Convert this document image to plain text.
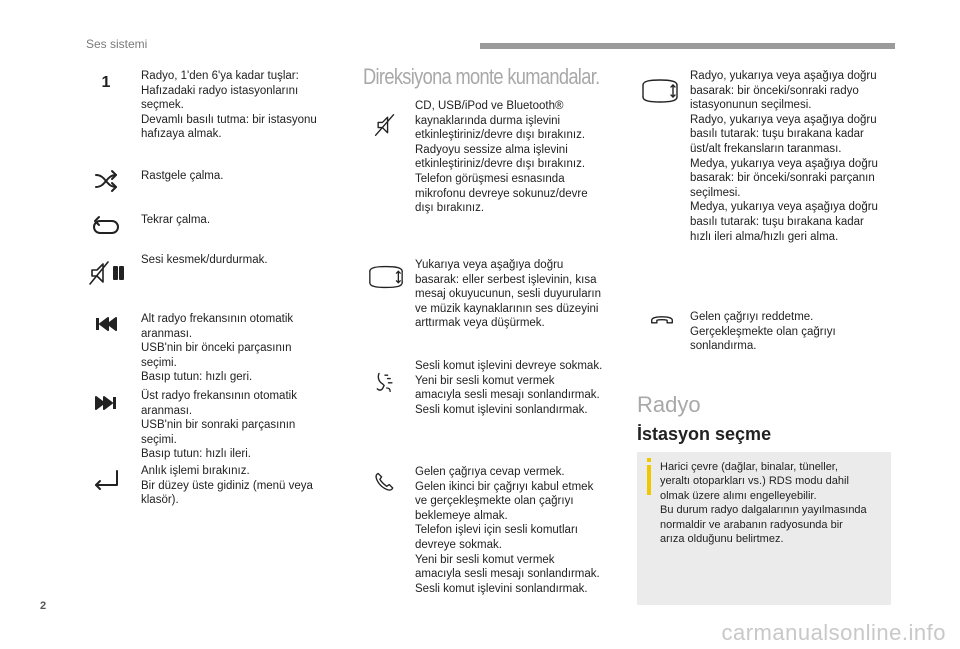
Ses sistemi
1	Radyo, 1'den 6'ya kadar tuşlar:

Hafızadaki radyo istasyonlarını

seçmek.

Devamlı basılı tutma: bir istasyonu

hafızaya almak.

Rastgele çalma.

Tekrar çalma.

Sesi kesmek/durdurmak.

Alt radyo frekansının otomatik

aranması.

USB'nin bir önceki parçasının

seçimi.

Basıp tutun: hızlı geri.

Üst radyo frekansının otomatik

aranması.

USB'nin bir sonraki parçasının

seçimi.

Basıp tutun: hızlı ileri.

Anlık işlemi bırakınız.

Bir düzey üste gidiniz (menü veya

klasör).

Direksiyona monte kumandalar.

CD, USB/iPod ve Bluetooth®

kaynaklarında durma işlevini

etkinleştiriniz/devre dışı bırakınız.

Radyoyu sessize alma işlevini

etkinleştiriniz/devre dışı bırakınız.

Telefon görüşmesi esnasında

mikrofonu devreye sokunuz/devre

dışı bırakınız.

Yukarıya veya aşağıya doğru

basarak: eller serbest işlevinin, kısa

mesaj okuyucunun, sesli duyuruların

ve müzik kaynaklarının ses düzeyini

arttırmak veya düşürmek.

Sesli komut işlevini devreye sokmak.

Yeni bir sesli komut vermek

amacıyla sesli mesajı sonlandırmak.

Sesli komut işlevini sonlandırmak.

Gelen çağrıya cevap vermek.

Gelen ikinci bir çağrıyı kabul etmek

ve gerçekleşmekte olan çağrıyı

beklemeye almak.

Telefon işlevi için sesli komutları

devreye sokmak.

Yeni bir sesli komut vermek

amacıyla sesli mesajı sonlandırmak.

Sesli komut işlevini sonlandırmak.

Radyo, yukarıya veya aşağıya doğru

basarak: bir önceki/sonraki radyo

istasyonunun seçilmesi.

Radyo, yukarıya veya aşağıya doğru

basılı tutarak: tuşu bırakana kadar

üst/alt frekansların taranması.

Medya, yukarıya veya aşağıya doğru

basarak: bir önceki/sonraki parçanın

seçilmesi.

Medya, yukarıya veya aşağıya doğru

basılı tutarak: tuşu bırakana kadar

hızlı ileri alma/hızlı geri alma.

Gelen çağrıyı reddetme.

Gerçekleşmekte olan çağrıyı

sonlandırma.

Radyo
İstasyon seçme

Harici çevre (dağlar, binalar, tüneller,

yeraltı otoparkları vs.) RDS modu dahil

olmak üzere alımı engelleyebilir.

Bu durum radyo dalgalarının yayılmasında

normaldir ve arabanın radyosunda bir

arıza olduğunu belirtmez.

2
carmanualsonline.info
